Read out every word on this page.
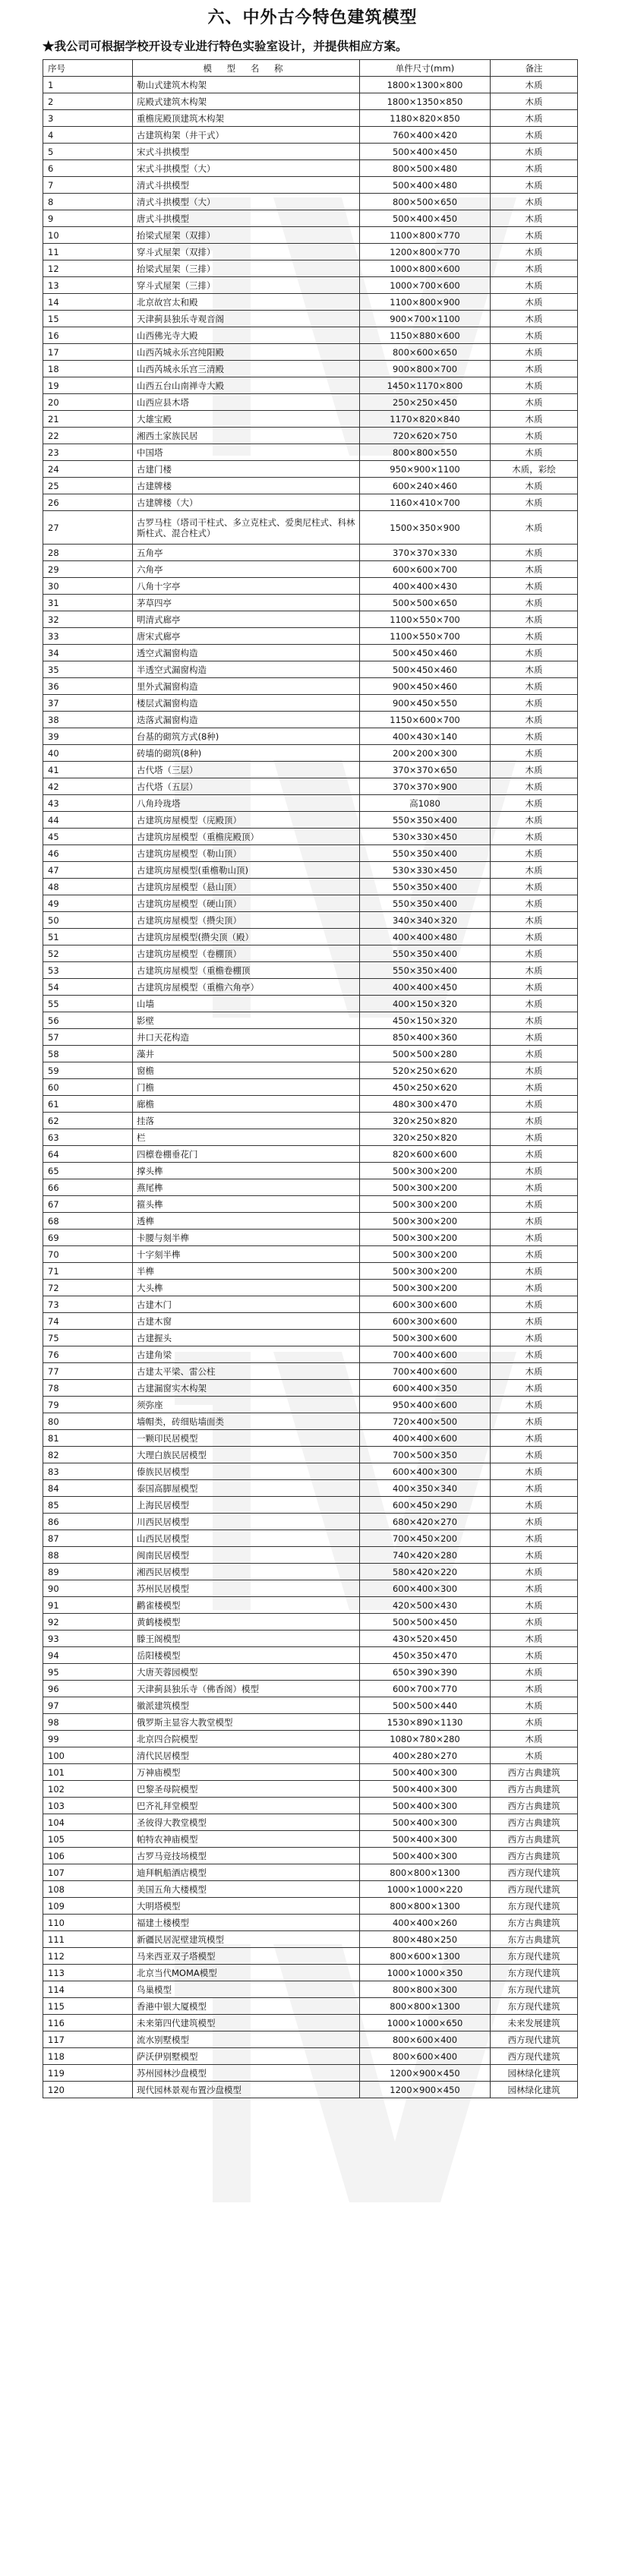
六、中外古今特色建筑模型
★我公司可根据学校开设专业进行特色实验室设计，并提供相应方案。
序号	模 型 名 称	单件尺寸(mm)	备注
1	勒山式建筑木构架	1800×1300×800	木质
2	庑殿式建筑木构架	1800×1350×850	木质
3	重檐庑殿顶建筑木构架	1180×820×850	木质
4	古建筑构架（井干式）	760×400×420	木质
5	宋式斗拱模型	500×400×450	木质
6	宋式斗拱模型（大）	800×500×480	木质
7	清式斗拱模型	500×400×480	木质
8	清式斗拱模型（大）	800×500×650	木质
9	唐式斗拱模型	500×400×450	木质
10	抬梁式屋架（双排）	1100×800×770	木质
11	穿斗式屋架（双排）	1200×800×770	木质
12	抬梁式屋架（三排）	1000×800×600	木质
13	穿斗式屋架（三排）	1000×700×600	木质
14	北京故宫太和殿	1100×800×900	木质
15	天津蓟县独乐寺观音阁	900×700×1100	木质
16	山西佛光寺大殿	1150×880×600	木质
17	山西芮城永乐宫纯阳殿	800×600×650	木质
18	山西芮城永乐宫三清殿	900×800×700	木质
19	山西五台山南禅寺大殿	1450×1170×800	木质
20	山西应县木塔	250×250×450	木质
21	大雄宝殿	1170×820×840	木质
22	湘西土家族民居	720×620×750	木质
23	中国塔	800×800×550	木质
24	古建门楼	950×900×1100	木质，彩绘
25	古建牌楼	600×240×460	木质
26	古建牌楼（大）	1160×410×700	木质
27	古罗马柱（塔司干柱式、多立克柱式、爱奥尼柱式、科林斯柱式、混合柱式）	1500×350×900	木质
28	五角亭	370×370×330	木质
29	六角亭	600×600×700	木质
30	八角十字亭	400×400×430	木质
31	茅草四亭	500×500×650	木质
32	明清式廊亭	1100×550×700	木质
33	唐宋式廊亭	1100×550×700	木质
34	透空式漏窗构造	500×450×460	木质
35	半透空式漏窗构造	500×450×460	木质
36	里外式漏窗构造	900×450×460	木质
37	楼层式漏窗构造	900×450×550	木质
38	迭落式漏窗构造	1150×600×700	木质
39	台基的砌筑方式(8种)	400×430×140	木质
40	砖墙的砌筑(8种)	200×200×300	木质
41	古代塔（三层）	370×370×650	木质
42	古代塔（五层）	370×370×900	木质
43	八角玲珑塔	高1080	木质
44	古建筑房屋模型（庑殿顶）	550×350×400	木质
45	古建筑房屋模型（重檐庑殿顶）	530×330×450	木质
46	古建筑房屋模型（勒山顶）	550×350×400	木质
47	古建筑房屋模型(重檐勒山顶)	530×330×450	木质
48	古建筑房屋模型（悬山顶）	550×350×400	木质
49	古建筑房屋模型（硬山顶）	550×350×400	木质
50	古建筑房屋模型（攒尖顶）	340×340×320	木质
51	古建筑房屋模型(攒尖顶（殿）	400×400×480	木质
52	古建筑房屋模型（卷棚顶）	550×350×400	木质
53	古建筑房屋模型（重檐卷棚顶	550×350×400	木质
54	古建筑房屋模型（重檐六角亭）	400×400×450	木质
55	山墙	400×150×320	木质
56	影壁	450×150×320	木质
57	井口天花构造	850×400×360	木质
58	藻井	500×500×280	木质
59	窗檐	520×250×620	木质
60	门檐	450×250×620	木质
61	廊檐	480×300×470	木质
62	挂落	320×250×820	木质
63	栏	320×250×820	木质
64	四檩卷棚垂花门	820×600×600	木质
65	撑头榫	500×300×200	木质
66	燕尾榫	500×300×200	木质
67	箍头榫	500×300×200	木质
68	透榫	500×300×200	木质
69	卡腰与刻半榫	500×300×200	木质
70	十字刻半榫	500×300×200	木质
71	半榫	500×300×200	木质
72	大头榫	500×300×200	木质
73	古建木门	600×300×600	木质
74	古建木窗	600×300×600	木质
75	古建握头	500×300×600	木质
76	古建角梁	700×400×600	木质
77	古建太平梁、雷公柱	700×400×600	木质
78	古建漏窗实木构架	600×400×350	木质
79	须弥座	950×400×600	木质
80	墙帽类，砖细贴墙面类	720×400×500	木质
81	一颗印民居模型	400×400×600	木质
82	大理白族民居模型	700×500×350	木质
83	傣族民居模型	600×400×300	木质
84	泰国高脚屋模型	400×350×340	木质
85	上海民居模型	600×450×290	木质
86	川西民居模型	680×420×270	木质
87	山西民居模型	700×450×200	木质
88	闽南民居模型	740×420×280	木质
89	湘西民居模型	580×420×220	木质
90	苏州民居模型	600×400×300	木质
91	鹳雀楼模型	420×500×430	木质
92	黄鹤楼模型	500×500×450	木质
93	滕王阁模型	430×520×450	木质
94	岳阳楼模型	450×350×470	木质
95	大唐芙蓉园模型	650×390×390	木质
96	天津蓟县独乐寺（佛香阁）模型	600×700×770	木质
97	徽派建筑模型	500×500×440	木质
98	俄罗斯主显容大教堂模型	1530×890×1130	木质
99	北京四合院模型	1080×780×280	木质
100	清代民居模型	400×280×270	木质
101	万神庙模型	500×400×300	西方古典建筑
102	巴黎圣母院模型	500×400×300	西方古典建筑
103	巴齐礼拜堂模型	500×400×300	西方古典建筑
104	圣彼得大教堂模型	500×400×300	西方古典建筑
105	帕特农神庙模型	500×400×300	西方古典建筑
106	古罗马竞技场模型	500×400×300	西方古典建筑
107	迪拜帆船酒店模型	800×800×1300	西方现代建筑
108	美国五角大楼模型	1000×1000×220	西方现代建筑
109	大明塔模型	800×800×1300	东方现代建筑
110	福建土楼模型	400×400×260	东方古典建筑
111	新疆民居泥壁建筑模型	800×480×250	东方古典建筑
112	马来西亚双子塔模型	800×600×1300	东方现代建筑
113	北京当代MOMA模型	1000×1000×350	东方现代建筑
114	鸟巢模型	800×800×300	东方现代建筑
115	香港中银大厦模型	800×800×1300	东方现代建筑
116	未来第四代建筑模型	1000×1000×650	未来发展建筑
117	流水别墅模型	800×600×400	西方现代建筑
118	萨沃伊别墅模型	800×600×400	西方现代建筑
119	苏州园林沙盘模型	1200×900×450	园林绿化建筑
120	现代园林景观布置沙盘模型	1200×900×450	园林绿化建筑
